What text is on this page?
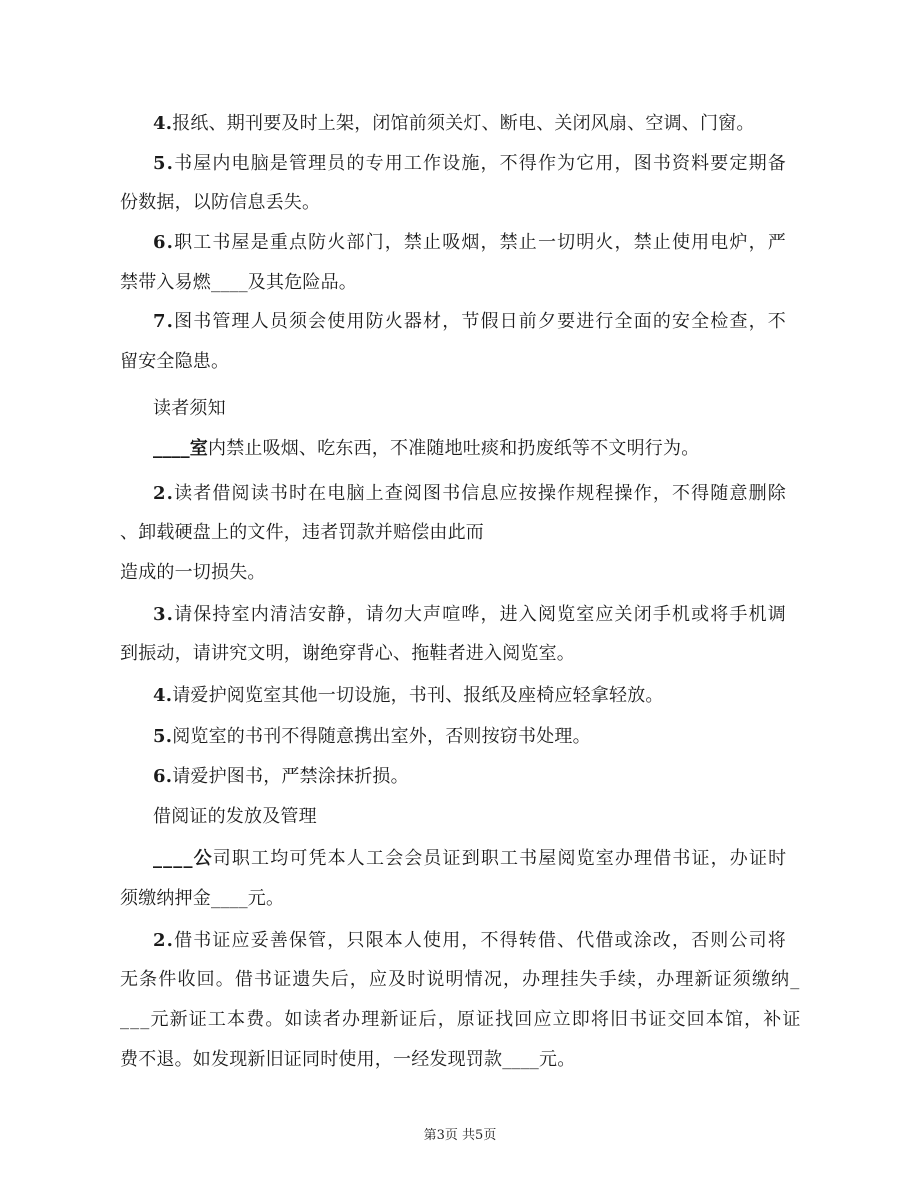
4.报纸、期刊要及时上架，闭馆前须关灯、断电、关闭风扇、空调、门窗。
5.书屋内电脑是管理员的专用工作设施，不得作为它用，图书资料要定期备
份数据，以防信息丢失。
6.职工书屋是重点防火部门，禁止吸烟，禁止一切明火，禁止使用电炉，严
禁带入易燃____及其危险品。
7.图书管理人员须会使用防火器材，节假日前夕要进行全面的安全检查，不
留安全隐患。
读者须知
____室内禁止吸烟、吃东西，不准随地吐痰和扔废纸等不文明行为。
2.读者借阅读书时在电脑上查阅图书信息应按操作规程操作，不得随意删除
、卸载硬盘上的文件，违者罚款并赔偿由此而
造成的一切损失。
3.请保持室内清洁安静，请勿大声喧哗，进入阅览室应关闭手机或将手机调
到振动，请讲究文明，谢绝穿背心、拖鞋者进入阅览室。
4.请爱护阅览室其他一切设施，书刊、报纸及座椅应轻拿轻放。
5.阅览室的书刊不得随意携出室外，否则按窃书处理。
6.请爱护图书，严禁涂抹折损。
借阅证的发放及管理
____公司职工均可凭本人工会会员证到职工书屋阅览室办理借书证，办证时
须缴纳押金____元。
2.借书证应妥善保管，只限本人使用，不得转借、代借或涂改，否则公司将
无条件收回。借书证遗失后，应及时说明情况，办理挂失手续，办理新证须缴纳_
___元新证工本费。如读者办理新证后，原证找回应立即将旧书证交回本馆，补证
费不退。如发现新旧证同时使用，一经发现罚款____元。
第3页 共5页
